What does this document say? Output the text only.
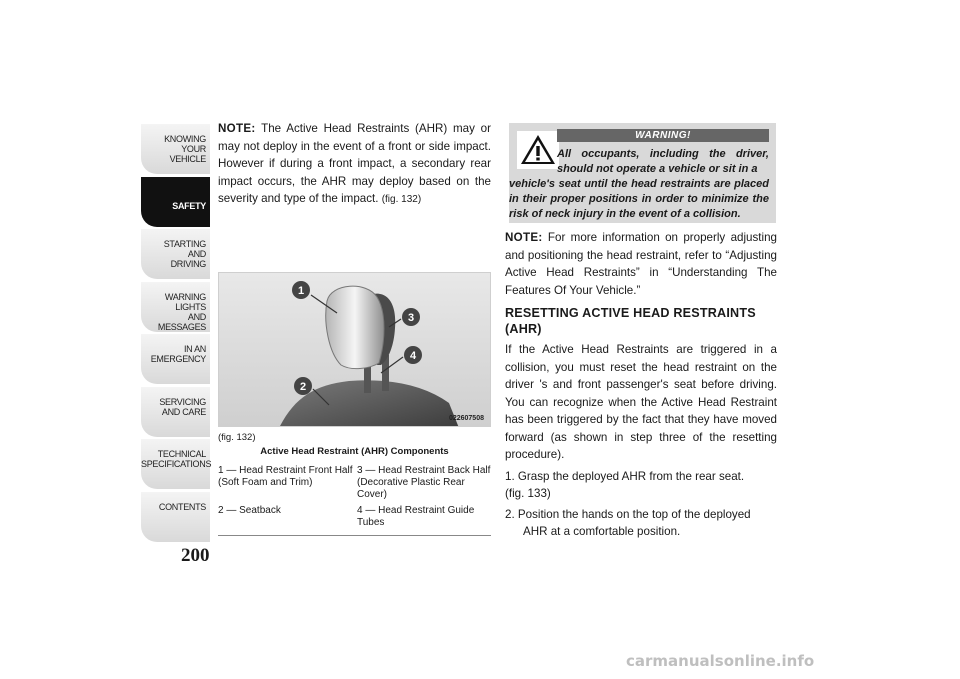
KNOWING
YOUR
VEHICLE
SAFETY
STARTING
AND
DRIVING
WARNING
LIGHTS
AND
MESSAGES
IN AN
EMERGENCY
SERVICING
AND CARE
TECHNICAL
SPECIFICATIONS
CONTENTS
200

NOTE: The Active Head Restraints (AHR) may or may not deploy in the event of a front or side impact. However if during a front impact, a secondary rear impact occurs, the AHR may deploy based on the severity and type of the impact. (fig. 132)

1
3
4
2
022607508
(fig. 132)
Active Head Restraint (AHR) Components
1 — Head Restraint Front Half (Soft Foam and Trim)
3 — Head Restraint Back Half (Decorative Plastic Rear Cover)
2 — Seatback	4 — Head Restraint Guide Tubes
WARNING!
All occupants, including the driver, should not operate a vehicle or sit in a
vehicle's seat until the head restraints are placed in their proper positions in order to minimize the risk of neck injury in the event of a collision.

NOTE: For more information on properly adjusting and positioning the head restraint, refer to “Adjusting Active Head Restraints” in “Understanding The Features Of Your Vehicle.”

RESETTING ACTIVE HEAD RESTRAINTS (AHR)

If the Active Head Restraints are triggered in a collision, you must reset the head restraint on the driver 's and front passenger's seat before driving. You can recognize when the Active Head Restraint has been triggered by the fact that they have moved forward (as shown in step three of the resetting procedure).

1. Grasp the deployed AHR from the rear seat.
(fig. 133)

2. Position the hands on the top of the deployed AHR at a comfortable position.

carmanualsonline.info
